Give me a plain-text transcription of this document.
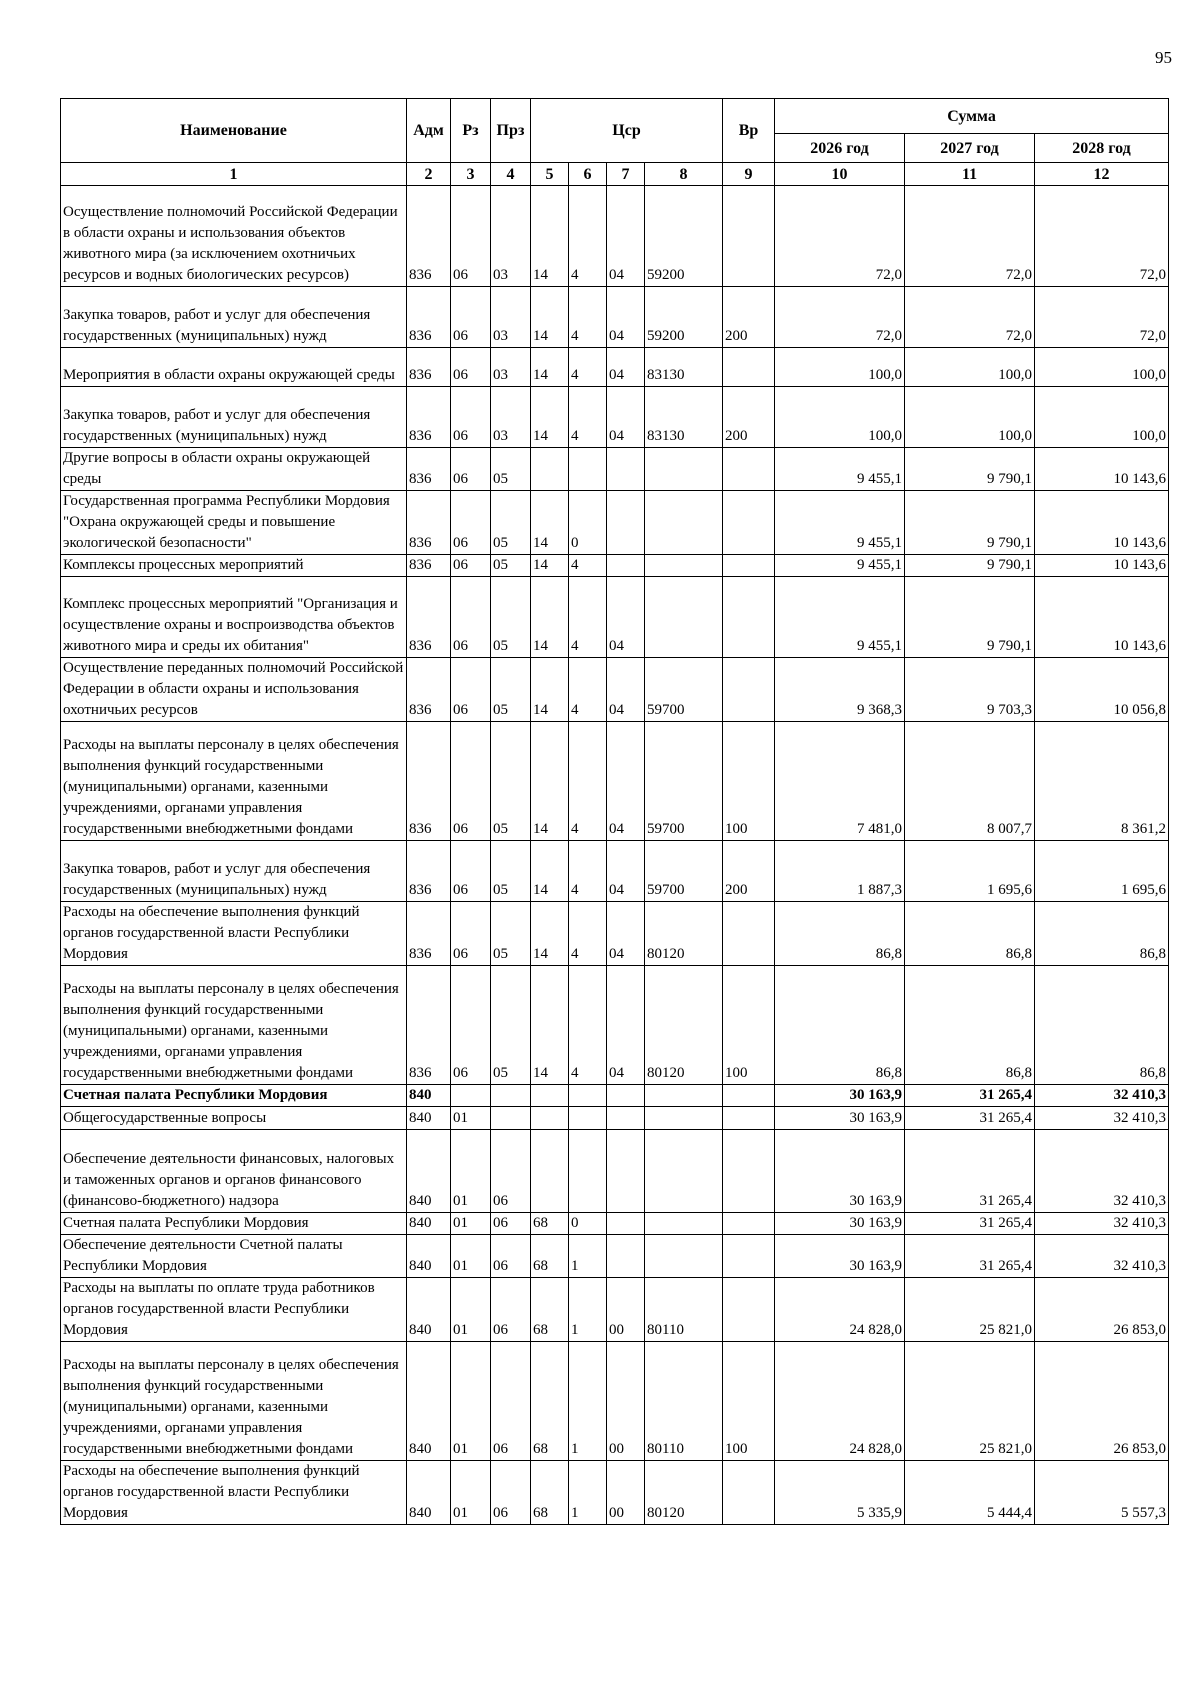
95
Наименование	Адм	Рз	Прз	Цср				Вр	Сумма		
									2026 год	2027 год	2028 год
1	2	3	4	5	6	7	8	9	10	11	12
Осуществление полномочий Российской Федерации в области охраны и использования объектов животного мира (за исключением охотничьих ресурсов и водных биологических ресурсов)	836	06	03	14	4	04	59200		72,0	72,0	72,0
Закупка товаров, работ и услуг для обеспечения государственных (муниципальных) нужд	836	06	03	14	4	04	59200	200	72,0	72,0	72,0
Мероприятия в области охраны окружающей среды	836	06	03	14	4	04	83130		100,0	100,0	100,0
Закупка товаров, работ и услуг для обеспечения государственных (муниципальных) нужд	836	06	03	14	4	04	83130	200	100,0	100,0	100,0
Другие вопросы в области охраны окружающей среды	836	06	05						9 455,1	9 790,1	10 143,6
Государственная программа Республики Мордовия "Охрана окружающей среды и повышение экологической безопасности"	836	06	05	14	0				9 455,1	9 790,1	10 143,6
Комплексы процессных мероприятий	836	06	05	14	4				9 455,1	9 790,1	10 143,6
Комплекс процессных мероприятий "Организация и осуществление охраны и воспроизводства объектов животного мира и среды их обитания"	836	06	05	14	4	04			9 455,1	9 790,1	10 143,6
Осуществление переданных полномочий Российской Федерации в области охраны и использования охотничьих ресурсов	836	06	05	14	4	04	59700		9 368,3	9 703,3	10 056,8
Расходы на выплаты персоналу в целях обеспечения выполнения функций государственными (муниципальными) органами, казенными учреждениями, органами управления государственными внебюджетными фондами	836	06	05	14	4	04	59700	100	7 481,0	8 007,7	8 361,2
Закупка товаров, работ и услуг для обеспечения государственных (муниципальных) нужд	836	06	05	14	4	04	59700	200	1 887,3	1 695,6	1 695,6
Расходы на обеспечение выполнения функций органов государственной власти Республики Мордовия	836	06	05	14	4	04	80120		86,8	86,8	86,8
Расходы на выплаты персоналу в целях обеспечения выполнения функций государственными (муниципальными) органами, казенными учреждениями, органами управления государственными внебюджетными фондами	836	06	05	14	4	04	80120	100	86,8	86,8	86,8
Счетная палата Республики Мордовия	840								30 163,9	31 265,4	32 410,3
Общегосударственные вопросы	840	01							30 163,9	31 265,4	32 410,3
Обеспечение деятельности финансовых, налоговых и таможенных органов и органов финансового (финансово-бюджетного) надзора	840	01	06						30 163,9	31 265,4	32 410,3
Счетная палата Республики Мордовия	840	01	06	68	0				30 163,9	31 265,4	32 410,3
Обеспечение деятельности Счетной палаты Республики Мордовия	840	01	06	68	1				30 163,9	31 265,4	32 410,3
Расходы на выплаты по оплате труда работников органов государственной власти Республики Мордовия	840	01	06	68	1	00	80110		24 828,0	25 821,0	26 853,0
Расходы на выплаты персоналу в целях обеспечения выполнения функций государственными (муниципальными) органами, казенными учреждениями, органами управления государственными внебюджетными фондами	840	01	06	68	1	00	80110	100	24 828,0	25 821,0	26 853,0
Расходы на обеспечение выполнения функций органов государственной власти Республики Мордовия	840	01	06	68	1	00	80120		5 335,9	5 444,4	5 557,3
